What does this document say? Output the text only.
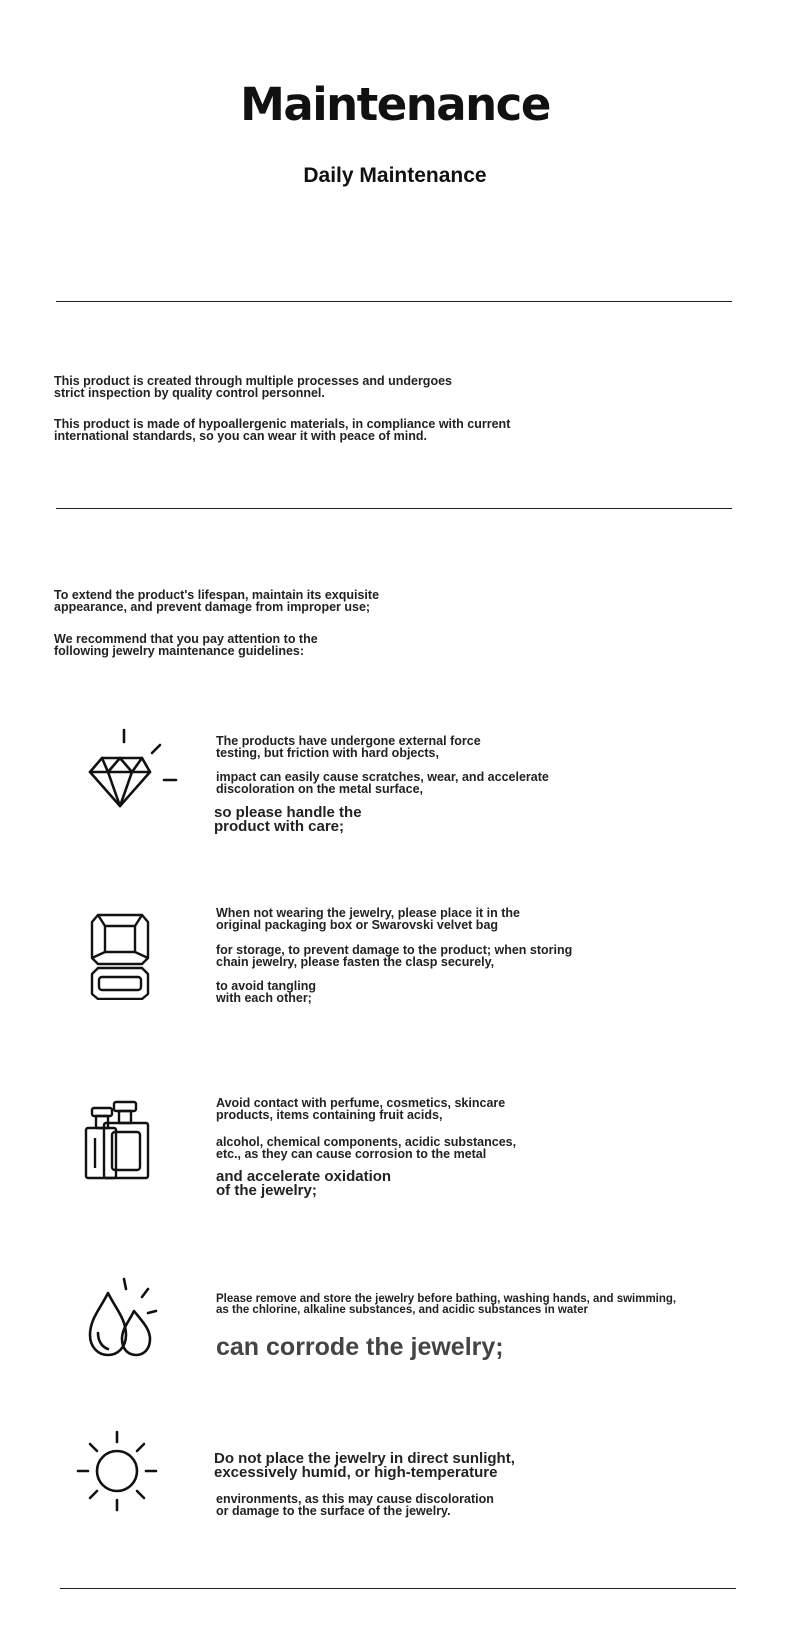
Maintenance
Daily Maintenance

This product is created through multiple processes and undergoes
strict inspection by quality control personnel.

This product is made of hypoallergenic materials, in compliance with current
international standards, so you can wear it with peace of mind.

To extend the product's lifespan, maintain its exquisite
appearance, and prevent damage from improper use;

We recommend that you pay attention to the
following jewelry maintenance guidelines:

The products have undergone external force
testing, but friction with hard objects,

impact can easily cause scratches, wear, and accelerate
discoloration on the metal surface,

so please handle the
product with care;

When not wearing the jewelry, please place it in the
original packaging box or Swarovski velvet bag

for storage, to prevent damage to the product; when storing
chain jewelry, please fasten the clasp securely,

to avoid tangling
with each other;

Avoid contact with perfume, cosmetics, skincare
products, items containing fruit acids,

alcohol, chemical components, acidic substances,
etc., as they can cause corrosion to the metal

and accelerate oxidation
of the jewelry;

Please remove and store the jewelry before bathing, washing hands, and swimming,
as the chlorine, alkaline substances, and acidic substances in water

can corrode the jewelry;

Do not place the jewelry in direct sunlight,
excessively humid, or high-temperature

environments, as this may cause discoloration
or damage to the surface of the jewelry.
